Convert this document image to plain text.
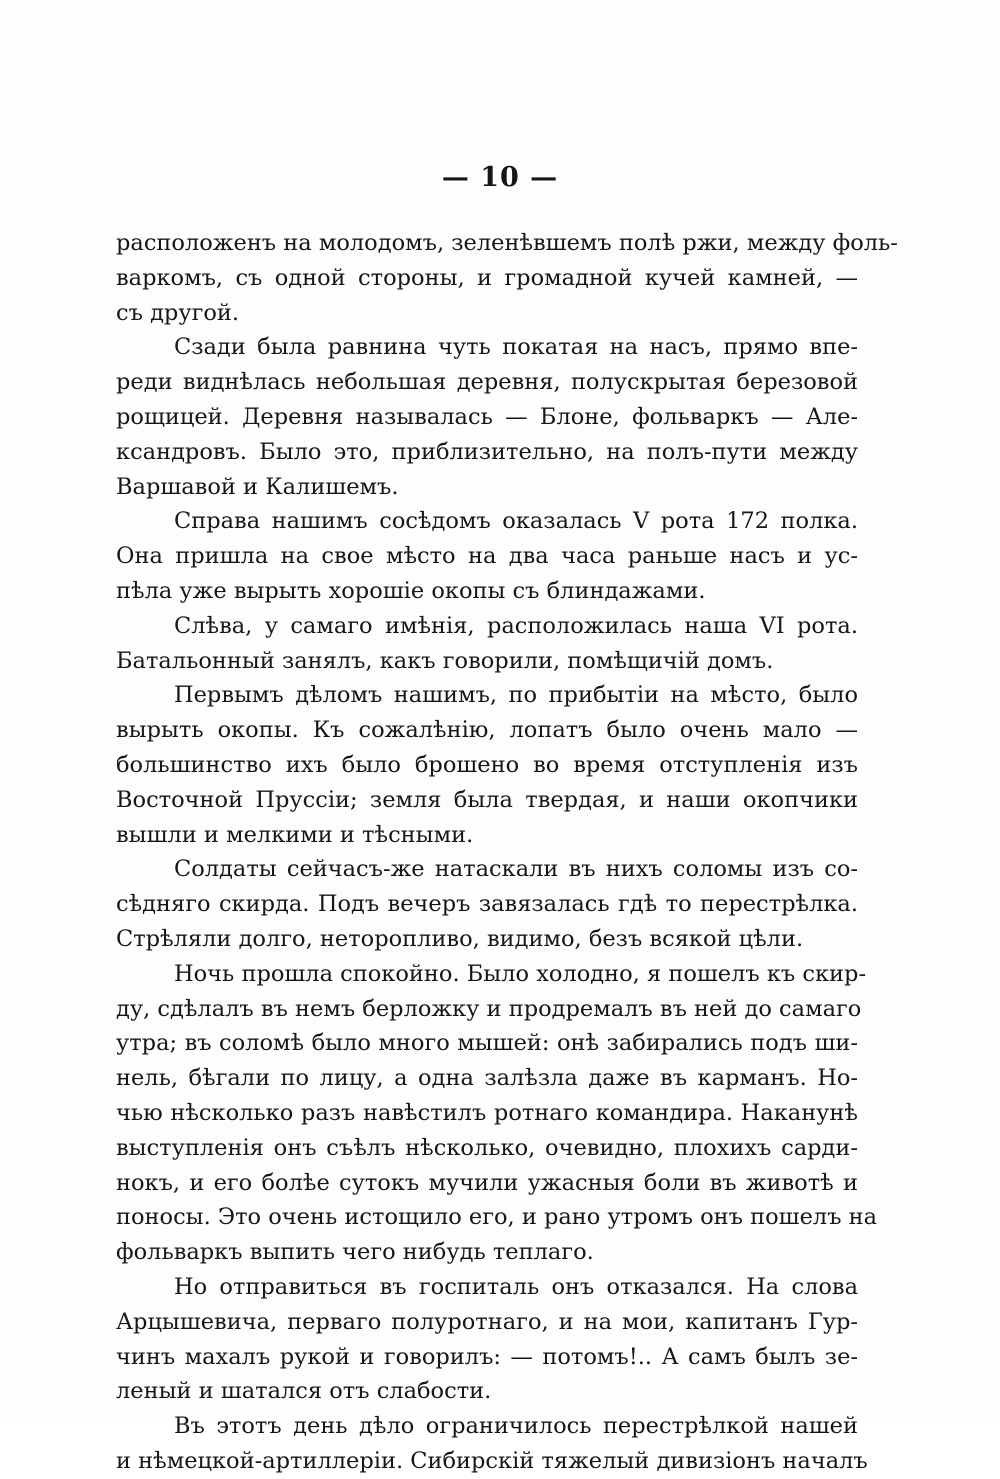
— 10 —
расположенъ на молодомъ, зеленѣвшемъ полѣ ржи, между фоль-
варкомъ, съ одной стороны, и громадной кучей камней, —
съ другой.
Сзади была равнина чуть покатая на насъ, прямо впе-
реди виднѣлась небольшая деревня, полускрытая березовой
рощицей. Деревня называлась — Блоне, фольваркъ — Але-
ксандровъ. Было это, приблизительно, на полъ-пути между
Варшавой и Калишемъ.
Справа нашимъ сосѣдомъ оказалась V рота 172 полка.
Она пришла на свое мѣсто на два часа раньше насъ и ус-
пѣла уже вырыть хорошіе окопы съ блиндажами.
Слѣва, у самаго имѣнія, расположилась наша VI рота.
Батальонный занялъ, какъ говорили, помѣщичій домъ.
Первымъ дѣломъ нашимъ, по прибытіи на мѣсто, было
вырыть окопы. Къ сожалѣнію, лопатъ было очень мало —
большинство ихъ было брошено во время отступленія изъ
Восточной Пруссіи; земля была твердая, и наши окопчики
вышли и мелкими и тѣсными.
Солдаты сейчасъ-же натаскали въ нихъ соломы изъ со-
сѣдняго скирда. Подъ вечеръ завязалась гдѣ то перестрѣлка.
Стрѣляли долго, неторопливо, видимо, безъ всякой цѣли.
Ночь прошла спокойно. Было холодно, я пошелъ къ скир-
ду, сдѣлалъ въ немъ берложку и продремалъ въ ней до самаго
утра; въ соломѣ было много мышей: онѣ забирались подъ ши-
нель, бѣгали по лицу, а одна залѣзла даже въ карманъ. Но-
чью нѣсколько разъ навѣстилъ ротнаго командира. Наканунѣ
выступленія онъ съѣлъ нѣсколько, очевидно, плохихъ сарди-
нокъ, и его болѣе сутокъ мучили ужасныя боли въ животѣ и
поносы. Это очень истощило его, и рано утромъ онъ пошелъ на
фольваркъ выпить чего нибудь теплаго.
Но отправиться въ госпиталь онъ отказался. На слова
Арцышевича, перваго полуротнаго, и на мои, капитанъ Гур-
чинъ махалъ рукой и говорилъ: — потомъ!.. А самъ былъ зе-
леный и шатался отъ слабости.
Въ этотъ день дѣло ограничилось перестрѣлкой нашей
и нѣмецкой-артиллеріи. Сибирскій тяжелый дивизіонъ началъ
